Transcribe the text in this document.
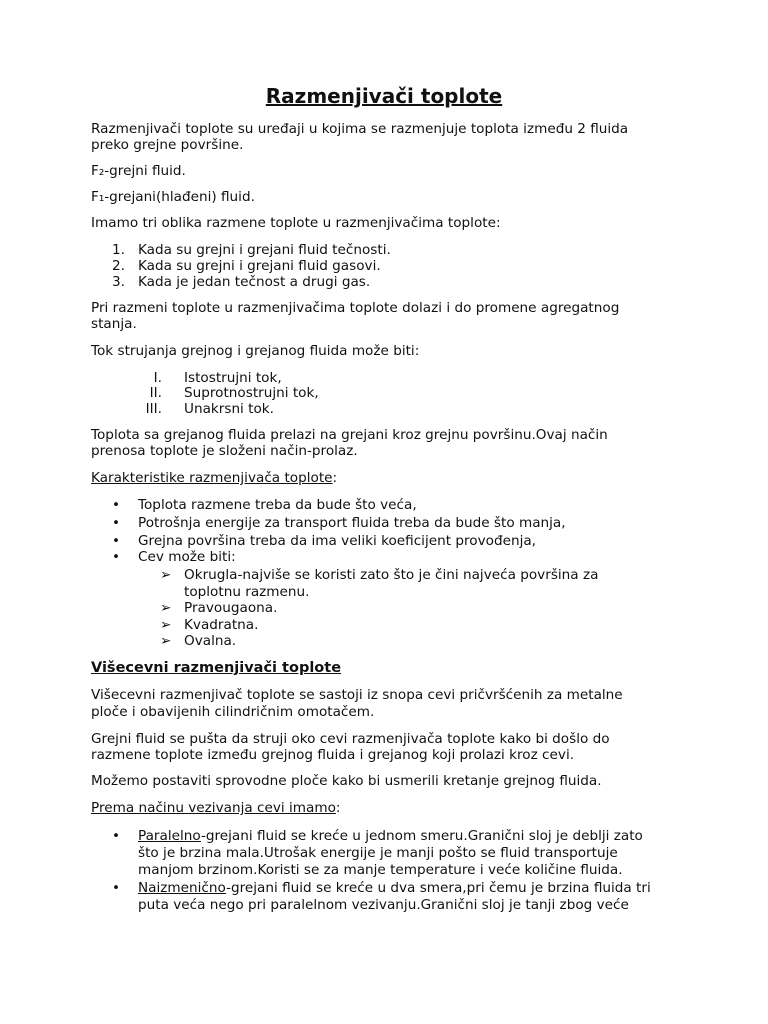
Razmenjivači toplote
Razmenjivači toplote su uređaji u kojima se razmenjuje toplota između 2 fluida
preko grejne površine.
F₂-grejni fluid.
F₁-grejani(hlađeni) fluid.
Imamo tri oblika razmene toplote u razmenjivačima toplote:
1. Kada su grejni i grejani fluid tečnosti.
2. Kada su grejni i grejani fluid gasovi.
3. Kada je jedan tečnost a drugi gas.
Pri razmeni toplote u razmenjivačima toplote dolazi i do promene agregatnog
stanja.
Tok strujanja grejnog i grejanog fluida može biti:
I. Istostrujni tok,
II. Suprotnostrujni tok,
III. Unakrsni tok.
Toplota sa grejanog fluida prelazi na grejani kroz grejnu površinu.Ovaj način
prenosa toplote je složeni način-prolaz.
Karakteristike razmenjivača toplote:
• Toplota razmene treba da bude što veća,
• Potrošnja energije za transport fluida treba da bude što manja,
• Grejna površina treba da ima veliki koeficijent provođenja,
• Cev može biti:
➢ Okrugla-najviše se koristi zato što je čini najveća površina za
toplotnu razmenu.
➢ Pravougaona.
➢ Kvadratna.
➢ Ovalna.
Višecevni razmenjivači toplote
Višecevni razmenjivač toplote se sastoji iz snopa cevi pričvršćenih za metalne
ploče i obavijenih cilindričnim omotačem.
Grejni fluid se pušta da struji oko cevi razmenjivača toplote kako bi došlo do
razmene toplote između grejnog fluida i grejanog koji prolazi kroz cevi.
Možemo postaviti sprovodne ploče kako bi usmerili kretanje grejnog fluida.
Prema načinu vezivanja cevi imamo:
• Paralelno-grejani fluid se kreće u jednom smeru.Granični sloj je deblji zato
što je brzina mala.Utrošak energije je manji pošto se fluid transportuje
manjom brzinom.Koristi se za manje temperature i veće količine fluida.
• Naizmenično-grejani fluid se kreće u dva smera,pri čemu je brzina fluida tri
puta veća nego pri paralelnom vezivanju.Granični sloj je tanji zbog veće
